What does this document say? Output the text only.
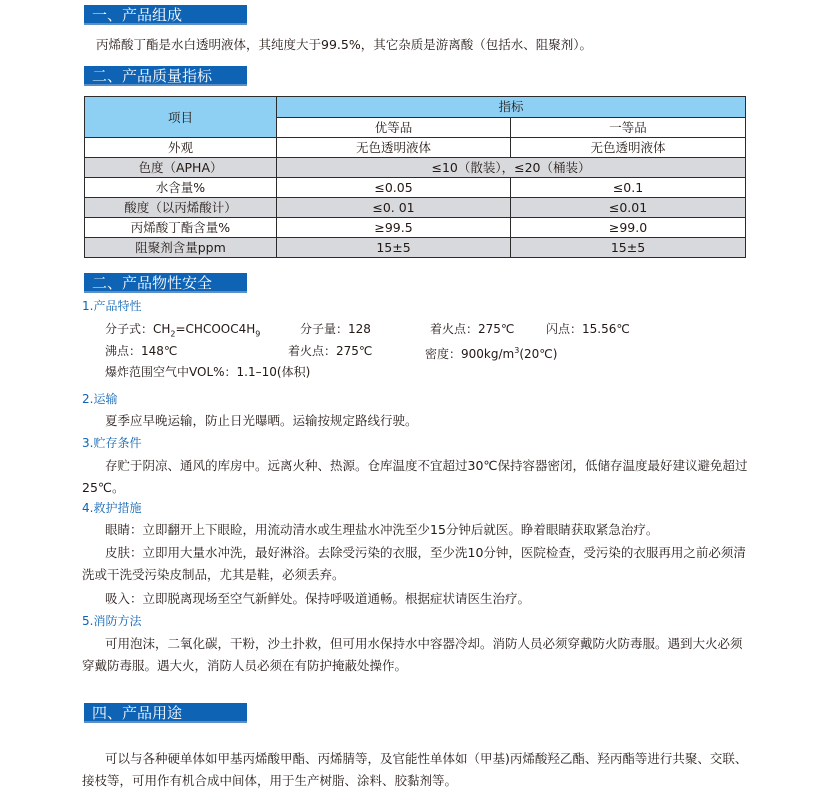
一、产品组成
丙烯酸丁酯是水白透明液体，其纯度大于99.5%，其它杂质是游离酸（包括水、阻聚剂）。
二、产品质量指标
项目	指标	
	优等品	一等品
外观	无色透明液体	无色透明液体
色度（APHA）	≤10（散装），≤20（桶装）	
水含量%	≤0.05	≤0.1
酸度（以丙烯酸计）	≤0. 01	≤0.01
丙烯酸丁酯含量%	≥99.5	≥99.0
阻聚剂含量ppm	15±5	15±5
二、产品物性安全
1.产品特性
分子式：$CH_2=CHCOOC4H_9$	分子量：128	着火点：275℃	闪点：15.56℃
沸点：148℃	着火点：275℃	密度：$900kg/m^3(20℃)$
爆炸范围空气中VOL%：1.1–10(体积)
2.运输
夏季应早晚运输，防止日光曝晒。运输按规定路线行驶。
3.贮存条件
存贮于阴凉、通风的库房中。远离火种、热源。仓库温度不宜超过30℃保持容器密闭，低储存温度最好建议避免超过25℃。
4.救护措施
眼睛：立即翻开上下眼睑，用流动清水或生理盐水冲洗至少15分钟后就医。睁着眼睛获取紧急治疗。
皮肤：立即用大量水冲洗，最好淋浴。去除受污染的衣服，至少洗10分钟，医院检查，受污染的衣服再用之前必须清洗或干洗受污染皮制品，尤其是鞋，必须丢弃。
吸入：立即脱离现场至空气新鲜处。保持呼吸道通畅。根据症状请医生治疗。
5.消防方法
可用泡沫，二氧化碳，干粉，沙土扑救，但可用水保持水中容器冷却。消防人员必须穿戴防火防毒服。遇到大火必须穿戴防毒服。遇大火，消防人员必须在有防护掩蔽处操作。
四、产品用途
可以与各种硬单体如甲基丙烯酸甲酯、丙烯腈等，及官能性单体如（甲基)丙烯酸羟乙酯、羟丙酯等进行共聚、交联、接枝等，可用作有机合成中间体，用于生产树脂、涂料、胶黏剂等。
